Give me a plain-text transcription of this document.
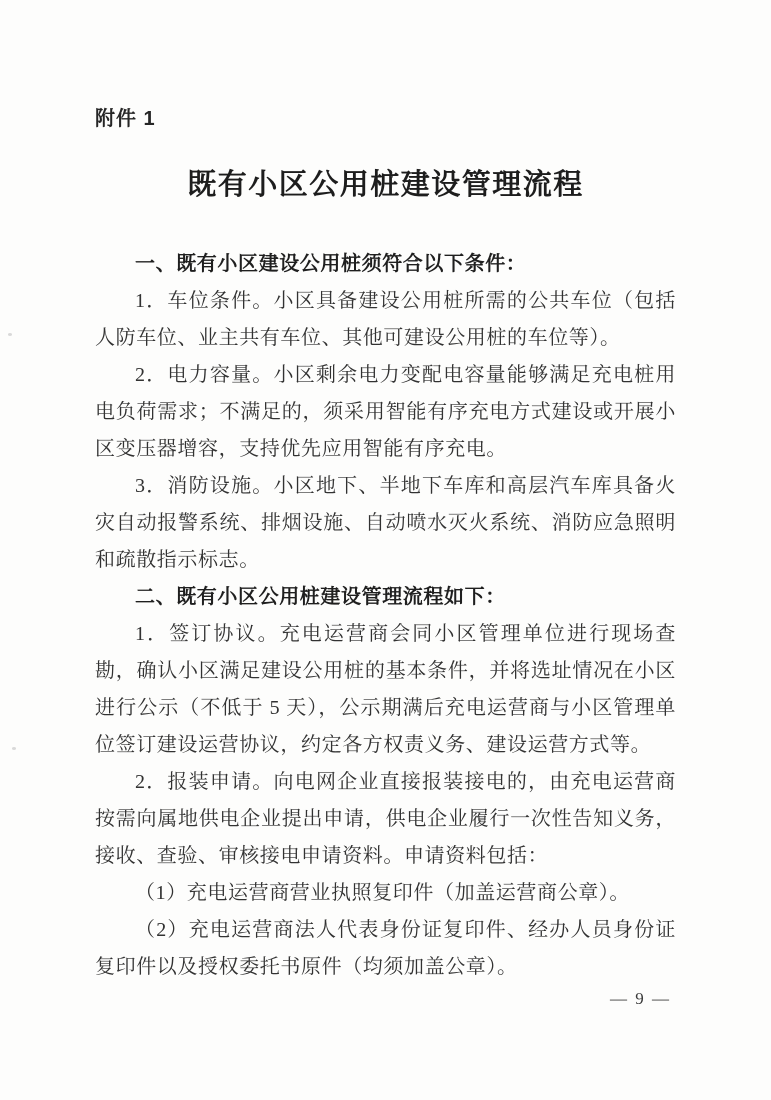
附件 1
既有小区公用桩建设管理流程
一、既有小区建设公用桩须符合以下条件：

1．车位条件。小区具备建设公用桩所需的公共车位（包括人防车位、业主共有车位、其他可建设公用桩的车位等）。

2．电力容量。小区剩余电力变配电容量能够满足充电桩用电负荷需求；不满足的，须采用智能有序充电方式建设或开展小区变压器增容，支持优先应用智能有序充电。

3．消防设施。小区地下、半地下车库和高层汽车库具备火灾自动报警系统、排烟设施、自动喷水灭火系统、消防应急照明和疏散指示标志。

二、既有小区公用桩建设管理流程如下：

1．签订协议。充电运营商会同小区管理单位进行现场查勘，确认小区满足建设公用桩的基本条件，并将选址情况在小区进行公示（不低于 5 天），公示期满后充电运营商与小区管理单位签订建设运营协议，约定各方权责义务、建设运营方式等。

2．报装申请。向电网企业直接报装接电的，由充电运营商按需向属地供电企业提出申请，供电企业履行一次性告知义务，接收、查验、审核接电申请资料。申请资料包括：

（1）充电运营商营业执照复印件（加盖运营商公章）。

（2）充电运营商法人代表身份证复印件、经办人员身份证复印件以及授权委托书原件（均须加盖公章）。

— 9 —
